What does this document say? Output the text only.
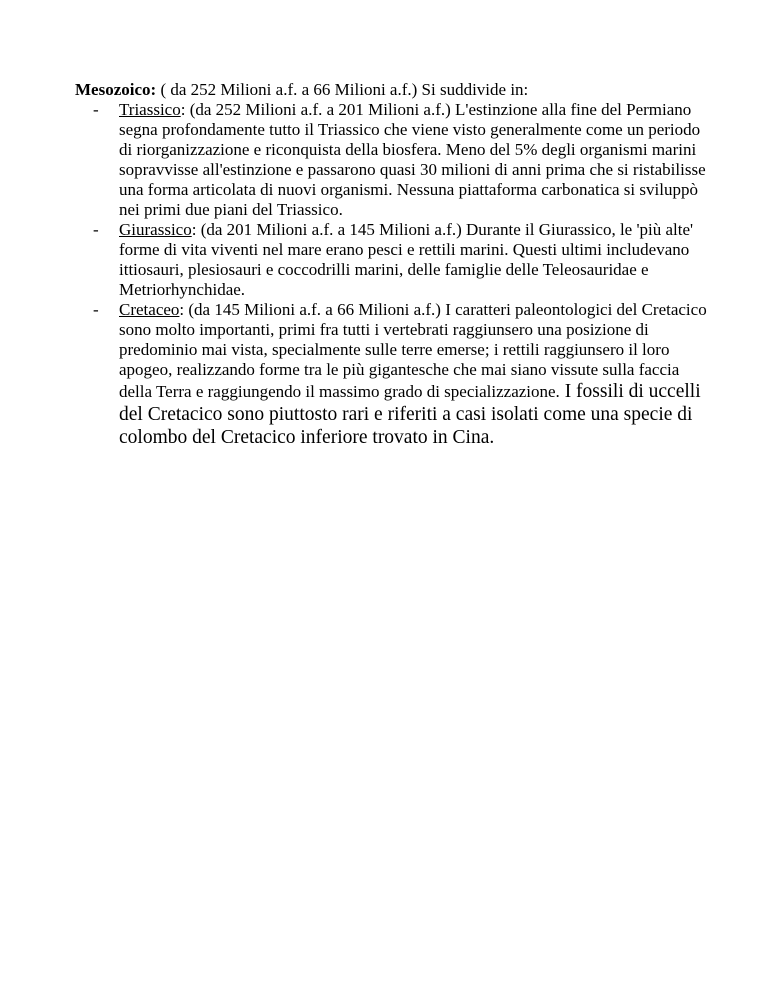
Mesozoico: ( da 252 Milioni a.f. a 66 Milioni a.f.) Si suddivide in:
- Triassico: (da 252 Milioni a.f. a 201 Milioni a.f.) L'estinzione alla fine del Permiano segna profondamente tutto il Triassico che viene visto generalmente come un periodo di riorganizzazione e riconquista della biosfera. Meno del 5% degli organismi marini sopravvisse all'estinzione e passarono quasi 30 milioni di anni prima che si ristabilisse una forma articolata di nuovi organismi. Nessuna piattaforma carbonatica si sviluppò nei primi due piani del Triassico.
- Giurassico: (da 201 Milioni a.f. a 145 Milioni a.f.) Durante il Giurassico, le 'più alte' forme di vita viventi nel mare erano pesci e rettili marini. Questi ultimi includevano ittiosauri, plesiosauri e coccodrilli marini, delle famiglie delle Teleosauridae e Metriorhynchidae.
- Cretaceo: (da 145 Milioni a.f. a 66 Milioni a.f.) I caratteri paleontologici del Cretacico sono molto importanti, primi fra tutti i vertebrati raggiunsero una posizione di predominio mai vista, specialmente sulle terre emerse; i rettili raggiunsero il loro apogeo, realizzando forme tra le più gigantesche che mai siano vissute sulla faccia della Terra e raggiungendo il massimo grado di specializzazione. I fossili di uccelli del Cretacico sono piuttosto rari e riferiti a casi isolati come una specie di colombo del Cretacico inferiore trovato in Cina.
